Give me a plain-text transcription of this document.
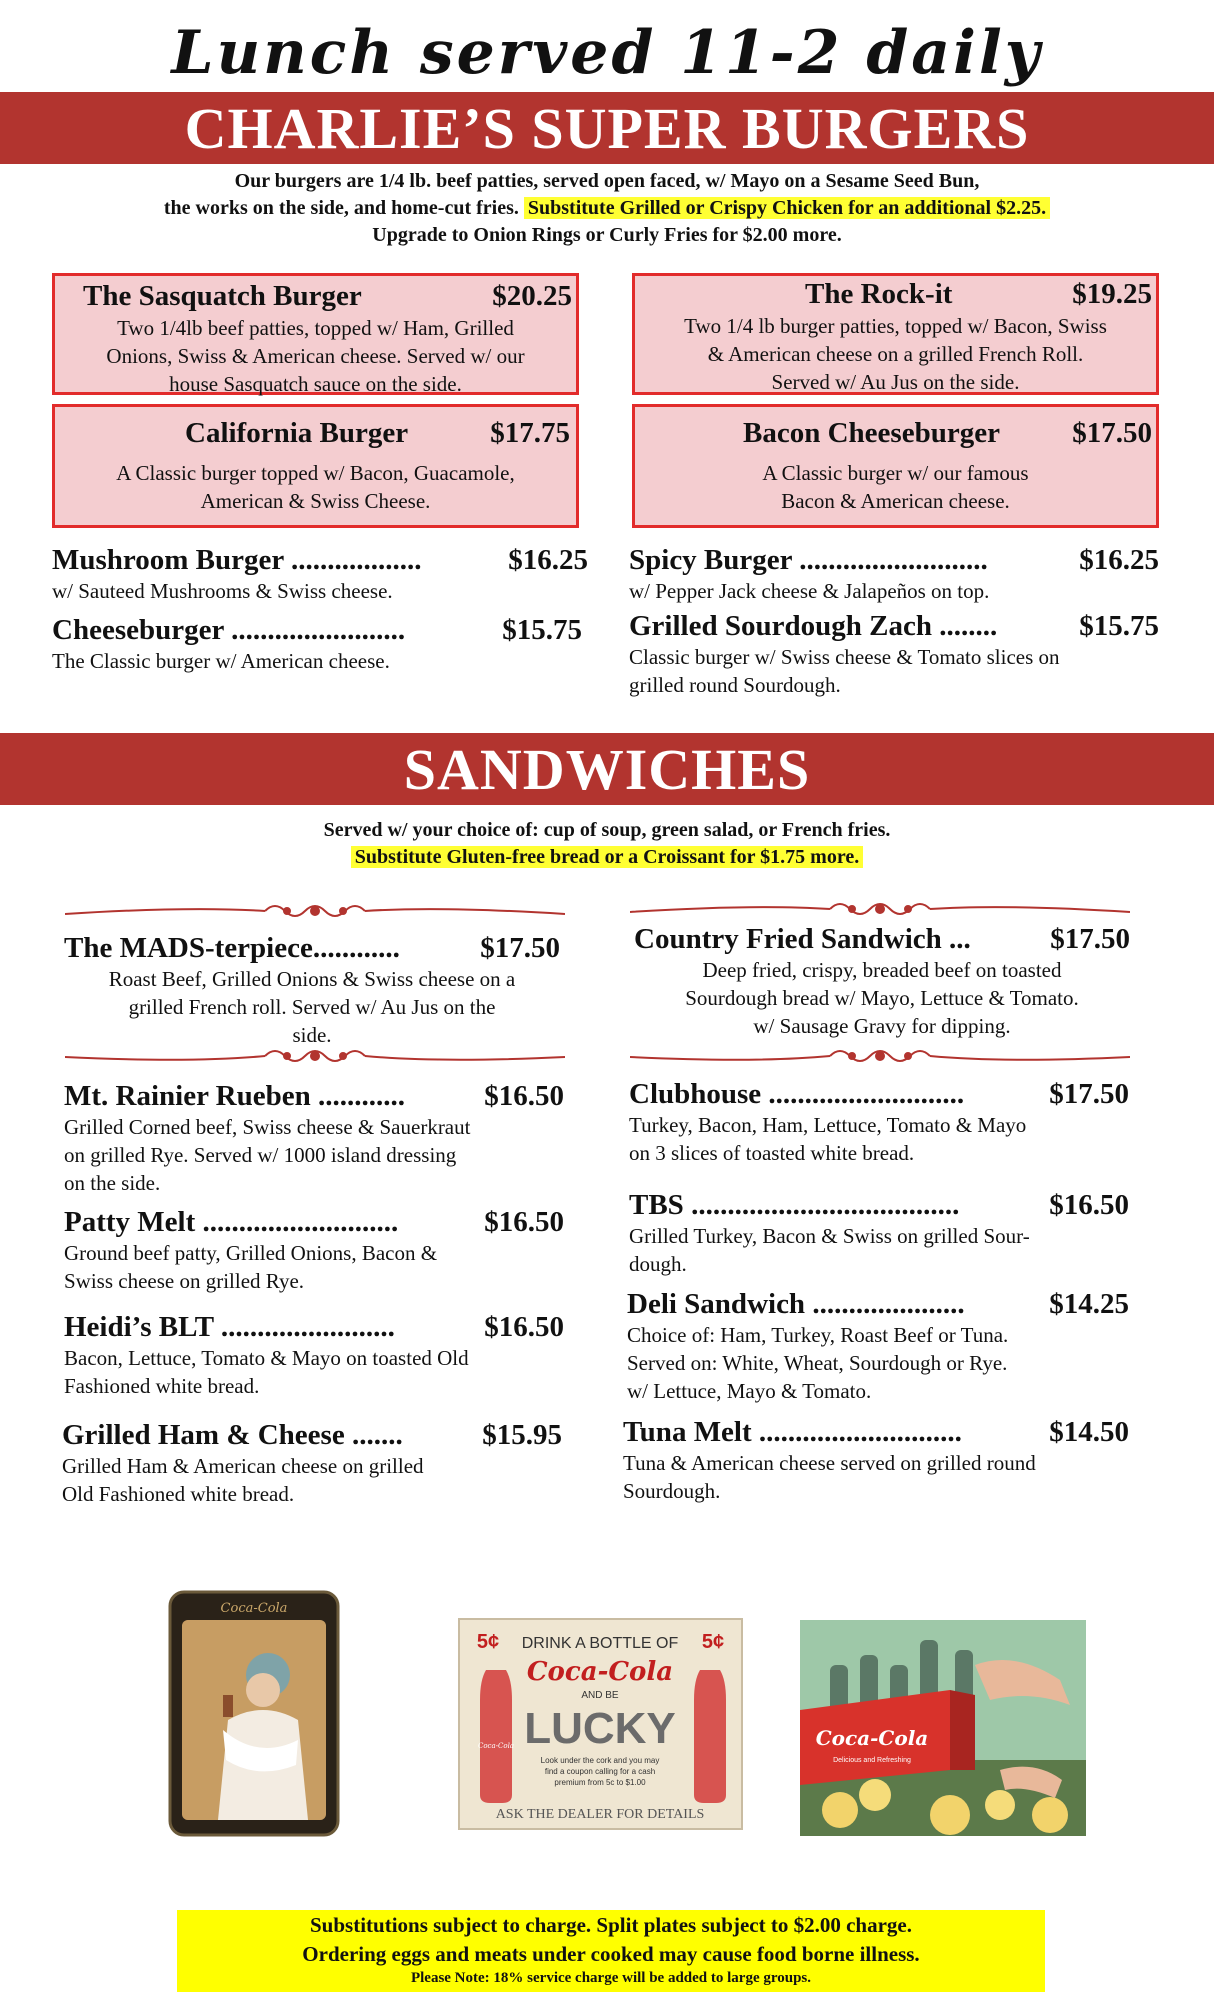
Lunch served 11-2 daily
CHARLIE’S SUPER BURGERS
Our burgers are 1/4 lb. beef patties, served open faced, w/ Mayo on a Sesame Seed Bun,
the works on the side, and home-cut fries. Substitute Grilled or Crispy Chicken for an additional $2.25.
Upgrade to Onion Rings or Curly Fries for $2.00 more.
The Sasquatch Burger	$20.25
Two 1/4lb beef patties, topped w/ Ham, Grilled
Onions, Swiss & American cheese. Served w/ our
house Sasquatch sauce on the side.
The Rock-it	$19.25
Two 1/4 lb burger patties, topped w/ Bacon, Swiss
& American cheese on a grilled French Roll.
Served w/ Au Jus on the side.
California Burger	$17.75
A Classic burger topped w/ Bacon, Guacamole,
American & Swiss Cheese.
Bacon Cheeseburger $17.50
A Classic burger w/ our famous
Bacon & American cheese.
Mushroom Burger ..................	$16.25
w/ Sauteed Mushrooms & Swiss cheese.
Spicy Burger ..........................	$16.25
w/ Pepper Jack cheese & Jalapeños on top.
Cheeseburger ........................	$15.75
The Classic burger w/ American cheese.
Grilled Sourdough Zach ........	$15.75
Classic burger w/ Swiss cheese & Tomato slices on
grilled round Sourdough.
SANDWICHES
Served w/ your choice of: cup of soup, green salad, or French fries.
Substitute Gluten-free bread or a Croissant for $1.75 more.
The MADS-terpiece............	$17.50
Roast Beef, Grilled Onions & Swiss cheese on a
grilled French roll. Served w/ Au Jus on the
side.
Country Fried Sandwich ...	$17.50
Deep fried, crispy, breaded beef on toasted
Sourdough bread w/ Mayo, Lettuce & Tomato.
w/ Sausage Gravy for dipping.
Mt. Rainier Rueben ............	$16.50
Grilled Corned beef, Swiss cheese & Sauerkraut
on grilled Rye. Served w/ 1000 island dressing
on the side.
Clubhouse ...........................	$17.50
Turkey, Bacon, Ham, Lettuce, Tomato & Mayo
on 3 slices of toasted white bread.
Patty Melt ...........................	$16.50
Ground beef patty, Grilled Onions, Bacon &
Swiss cheese on grilled Rye.
TBS .....................................	$16.50
Grilled Turkey, Bacon & Swiss on grilled Sour-
dough.
Heidi’s BLT ........................	$16.50
Bacon, Lettuce, Tomato & Mayo on toasted Old
Fashioned white bread.
Deli Sandwich .....................	$14.25
Choice of: Ham, Turkey, Roast Beef or Tuna.
Served on: White, Wheat, Sourdough or Rye.
w/ Lettuce, Mayo & Tomato.
Grilled Ham & Cheese .......	$15.95
Grilled Ham & American cheese on grilled
Old Fashioned white bread.
Tuna Melt ............................	$14.50
Tuna & American cheese served on grilled round
Sourdough.
Coca-Cola
5¢	5¢
DRINK A BOTTLE OF
Coca-Cola
AND BE
LUCKY
Look under the cork and you may
find a coupon calling for a cash
premium from 5c to $1.00
ASK THE DEALER FOR DETAILS
Coca-Cola	Coca-Cola
Delicious and Refreshing
Substitutions subject to charge. Split plates subject to $2.00 charge.
Ordering eggs and meats under cooked may cause food borne illness.
Please Note: 18% service charge will be added to large groups.
